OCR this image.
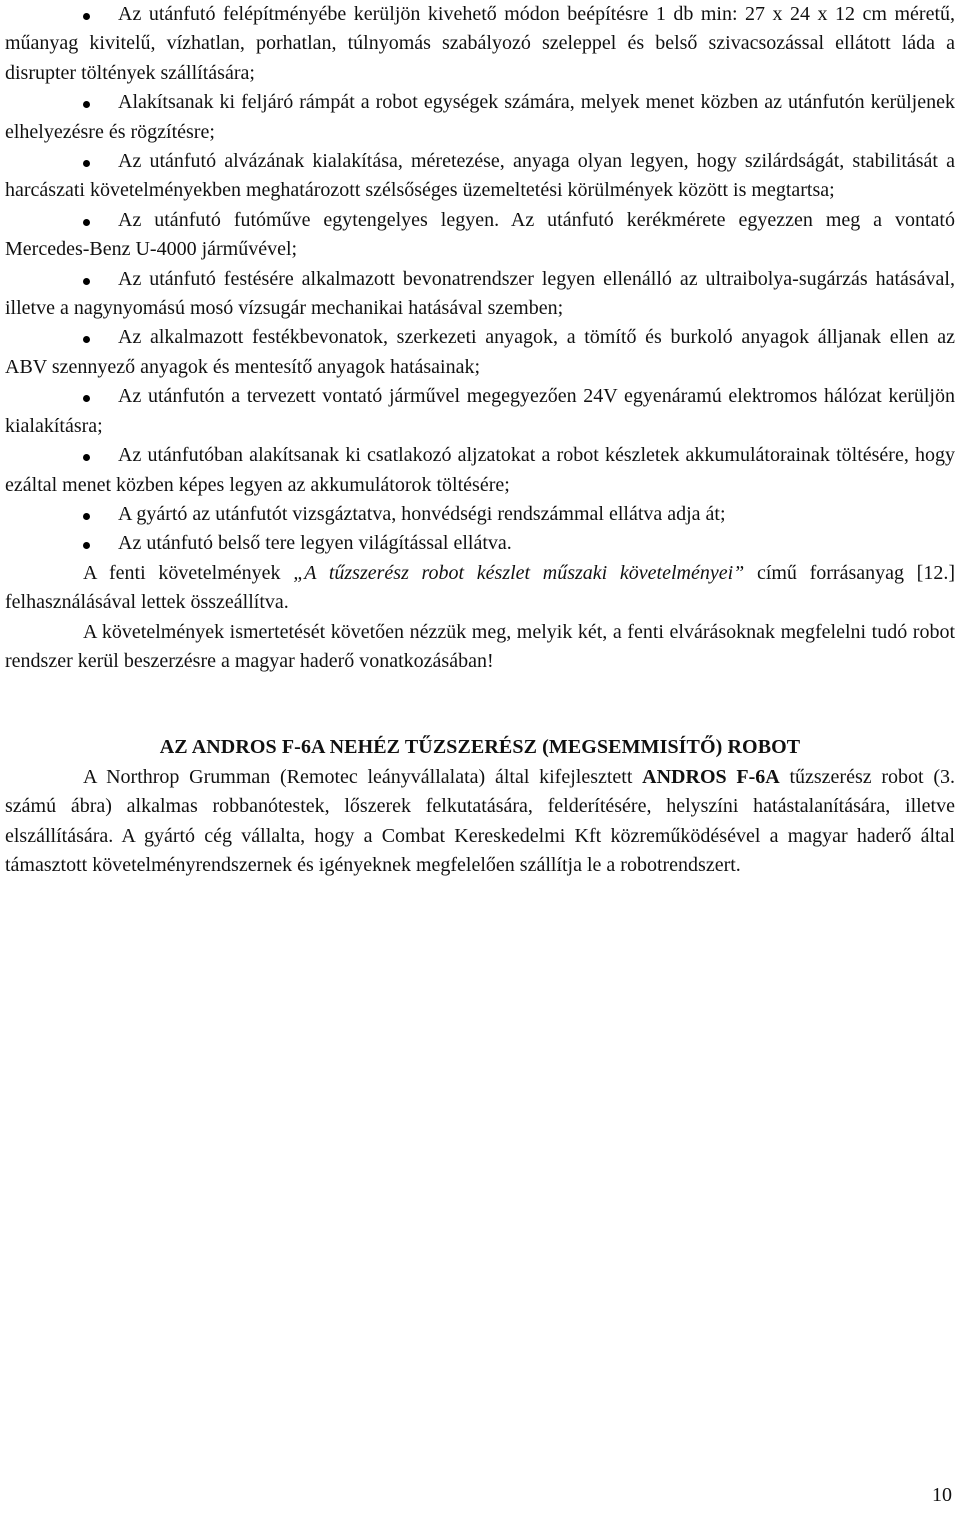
Az utánfutó felépítményébe kerüljön kivehető módon beépítésre 1 db min: 27 x 24 x 12 cm méretű, műanyag kivitelű, vízhatlan, porhatlan, túlnyomás szabályozó szeleppel és belső szivacsozással ellátott láda a disrupter töltények szállítására;
Alakítsanak ki feljáró rámpát a robot egységek számára, melyek menet közben az utánfutón kerüljenek elhelyezésre és rögzítésre;
Az utánfutó alvázának kialakítása, méretezése, anyaga olyan legyen, hogy szilárdságát, stabilitását a harcászati követelményekben meghatározott szélsőséges üzemeltetési körülmények között is megtartsa;
Az utánfutó futóműve egytengelyes legyen. Az utánfutó kerékmérete egyezzen meg a vontató Mercedes-Benz U-4000 járművével;
Az utánfutó festésére alkalmazott bevonatrendszer legyen ellenálló az ultraibolya-sugárzás hatásával, illetve a nagynyomású mosó vízsugár mechanikai hatásával szemben;
Az alkalmazott festékbevonatok, szerkezeti anyagok, a tömítő és burkoló anyagok álljanak ellen az ABV szennyező anyagok és mentesítő anyagok hatásainak;
Az utánfutón a tervezett vontató járművel megegyezően 24V egyenáramú elektromos hálózat kerüljön kialakításra;
Az utánfutóban alakítsanak ki csatlakozó aljzatokat a robot készletek akkumulátorainak töltésére, hogy ezáltal menet közben képes legyen az akkumulátorok töltésére;
A gyártó az utánfutót vizsgáztatva, honvédségi rendszámmal ellátva adja át;
Az utánfutó belső tere legyen világítással ellátva.

A fenti követelmények „A tűzszerész robot készlet műszaki követelményei” című forrásanyag [12.] felhasználásával lettek összeállítva.

A követelmények ismertetését követően nézzük meg, melyik két, a fenti elvárásoknak megfelelni tudó robot rendszer kerül beszerzésre a magyar haderő vonatkozásában!

AZ ANDROS F-6A NEHÉZ TŰZSZERÉSZ (MEGSEMMISÍTŐ) ROBOT

A Northrop Grumman (Remotec leányvállalata) által kifejlesztett ANDROS F-6A tűzszerész robot (3. számú ábra) alkalmas robbanótestek, lőszerek felkutatására, felderítésére, helyszíni hatástalanítására, illetve elszállítására. A gyártó cég vállalta, hogy a Combat Kereskedelmi Kft közreműködésével a magyar haderő által támasztott követelményrendszernek és igényeknek megfelelően szállítja le a robotrendszert.

10
